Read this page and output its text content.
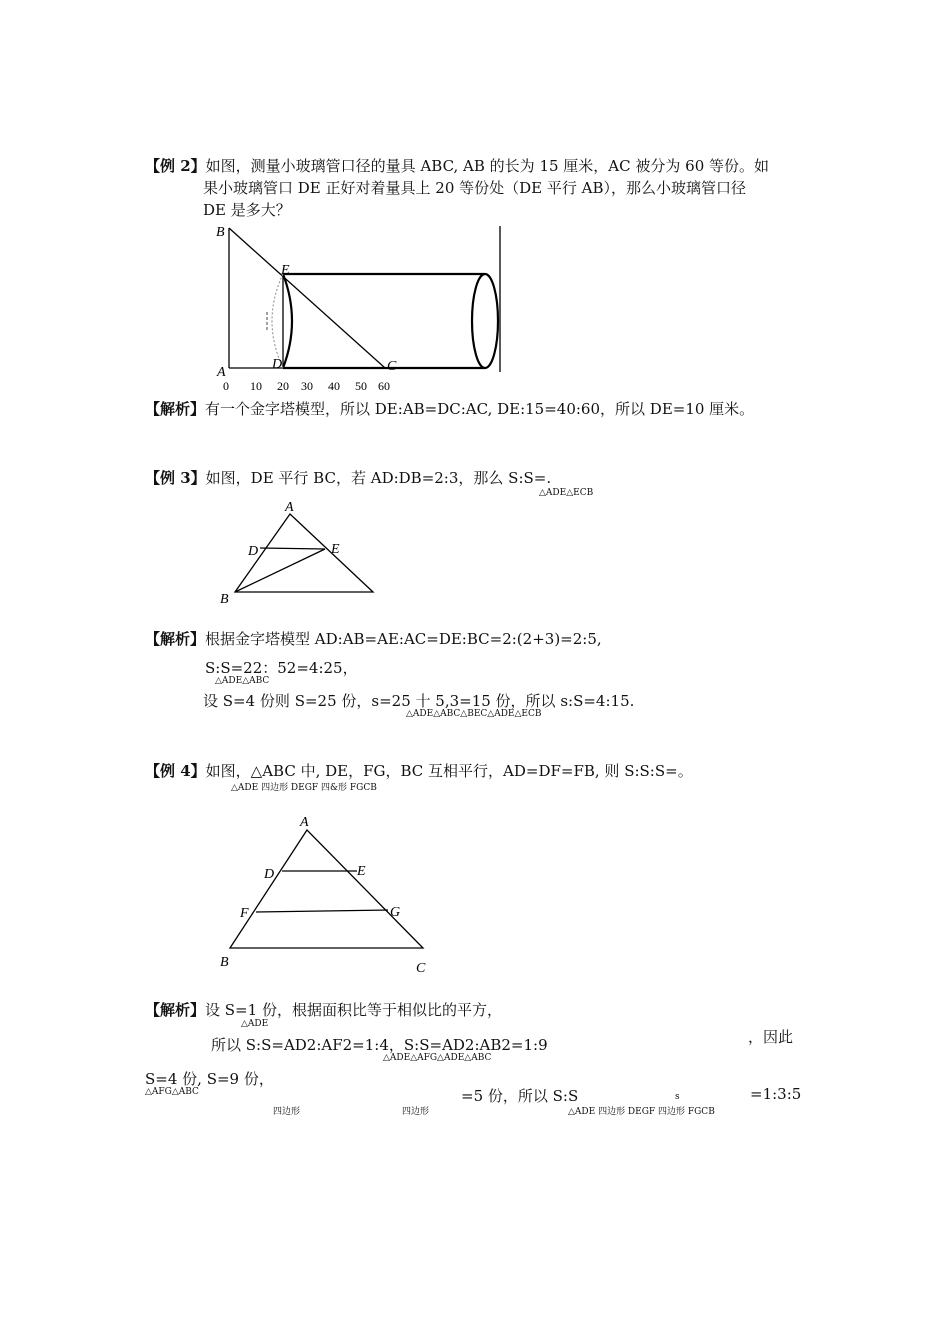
【例 2】如图，测量小玻璃管口径的量具 ABC, AB 的长为 15 厘米，AC 被分为 60 等份。如
果小玻璃管口 DE 正好对着量具上 20 等份处（DE 平行 AB），那么小玻璃管口径
DE 是多大？
B
E
D
A	C
0 10 20 30 40 50 60
【解析】有一个金字塔模型，所以 DE:AB=DC:AC, DE:15=40:60，所以 DE=10 厘米。
【例 3】如图，DE 平行 BC，若 AD:DB=2:3，那么 S:S=.
△ADE△ECB
A
D	E
B
【解析】根据金字塔模型 AD:AB=AE:AC=DE:BC=2:(2+3)=2:5,
S:S=22：52=4:25，
△ADE△ABC
设 S=4 份则 S=25 份，s=25 十 5,3=15 份，所以 s:S=4:15.
△ADE△ABC△BEC△ADE△ECB
【例 4】如图，△ABC 中, DE，FG，BC 互相平行，AD=DF=FB, 则 S:S:S=。
△ADE 四边形 DEGF 四&形 FGCB
A
D	E
F	G
B	C
【解析】设 S=1 份，根据面积比等于相似比的平方，
△ADE
所以 S:S=AD2:AF2=1:4，S:S=AD2:AB2=1:9	，因此
△ADE△AFG△ADE△ABC
S=4 份, S=9 份，
△AFG△ABC	=5 份，所以 S:S	s	=1:3:5
四边形	四边形	△ADE 四边形 DEGF 四边形 FGCB
